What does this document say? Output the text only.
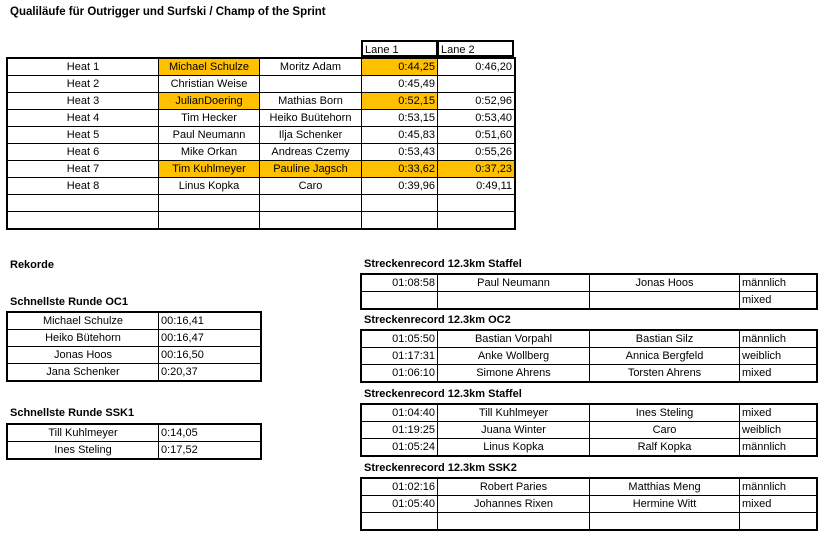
Qualiläufe für Outrigger und Surfski / Champ of the Sprint
Lane 1	Lane 2
Heat 1	Michael Schulze	Moritz Adam	0:44,25	0:46,20
Heat 2	Christian Weise		0:45,49	
Heat 3	JulianDoering	Mathias Born	0:52,15	0:52,96
Heat 4	Tim Hecker	Heiko Buütehorn	0:53,15	0:53,40
Heat 5	Paul Neumann	Ilja Schenker	0:45,83	0:51,60
Heat 6	Mike Orkan	Andreas Czemy	0:53,43	0:55,26
Heat 7	Tim Kuhlmeyer	Pauline Jagsch	0:33,62	0:37,23
Heat 8	Linus Kopka	Caro	0:39,96	0:49,11

Rekorde
Schnellste Runde OC1
Michael Schulze	00:16,41
Heiko Bütehorn	00:16,47
Jonas Hoos	00:16,50
Jana Schenker	0:20,37
Schnellste Runde SSK1
Till Kuhlmeyer	0:14,05
Ines Steling	0:17,52
Streckenrecord 12.3km Staffel
01:08:58	Paul Neumann	Jonas Hoos	männlich
			mixed
Streckenrecord 12.3km OC2
01:05:50	Bastian Vorpahl	Bastian Silz	männlich
01:17:31	Anke Wollberg	Annica Bergfeld	weiblich
01:06:10	Simone Ahrens	Torsten Ahrens	mixed
Streckenrecord 12.3km Staffel
01:04:40	Till Kuhlmeyer	Ines Steling	mixed
01:19:25	Juana Winter	Caro	weiblich
01:05:24	Linus Kopka	Ralf Kopka	männlich
Streckenrecord 12.3km SSK2
01:02:16	Robert Paries	Matthias Meng	männlich
01:05:40	Johannes Rixen	Hermine Witt	mixed
